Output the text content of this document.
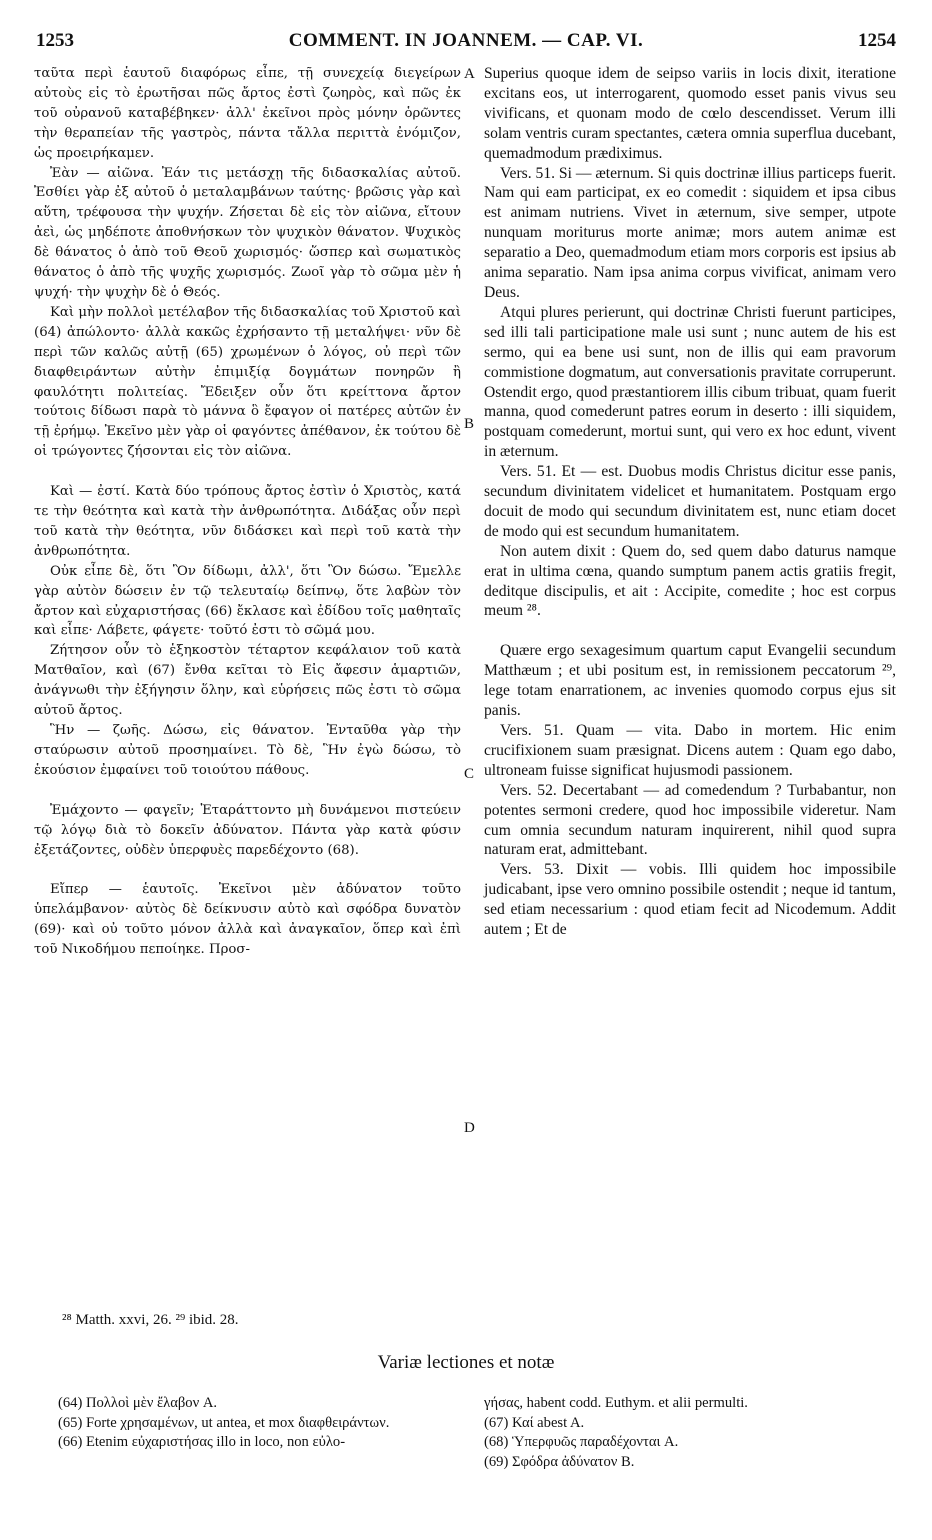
1253	COMMENT. IN JOANNEM. — CAP. VI.	1254

ταῦτα περὶ ἑαυτοῦ διαφόρως εἶπε, τῇ συνεχείᾳ διεγείρων αὐτοὺς εἰς τὸ ἐρωτῆσαι πῶς ἄρτος ἐστὶ ζωηρὸς, καὶ πῶς ἐκ τοῦ οὐρανοῦ καταβέβηκεν· ἀλλ' ἐκεῖνοι πρὸς μόνην ὁρῶντες τὴν θεραπείαν τῆς γαστρὸς, πάντα τἄλλα περιττὰ ἐνόμιζον, ὡς προειρήκαμεν.

Ἐὰν — αἰῶνα. Ἐάν τις μετάσχῃ τῆς διδασκαλίας αὐτοῦ. Ἐσθίει γὰρ ἐξ αὐτοῦ ὁ μεταλαμβάνων ταύτης· βρῶσις γὰρ καὶ αὕτη, τρέφουσα τὴν ψυχήν. Ζήσεται δὲ εἰς τὸν αἰῶνα, εἴτουν ἀεὶ, ὡς μηδέποτε ἀποθνήσκων τὸν ψυχικὸν θάνατον. Ψυχικὸς δὲ θάνατος ὁ ἀπὸ τοῦ Θεοῦ χωρισμός· ὥσπερ καὶ σωματικὸς θάνατος ὁ ἀπὸ τῆς ψυχῆς χωρισμός. Ζωοῖ γὰρ τὸ σῶμα μὲν ἡ ψυχή· τὴν ψυχὴν δὲ ὁ Θεός.

Καὶ μὴν πολλοὶ μετέλαβον τῆς διδασκαλίας τοῦ Χριστοῦ καὶ (64) ἀπώλοντο· ἀλλὰ κακῶς ἐχρήσαντο τῇ μεταλήψει· νῦν δὲ περὶ τῶν καλῶς αὐτῇ (65) χρωμένων ὁ λόγος, οὐ περὶ τῶν διαφθειράντων αὐτὴν ἐπιμιξίᾳ δογμάτων πονηρῶν ἢ φαυλότητι πολιτείας. Ἔδειξεν οὖν ὅτι κρείττονα ἄρτον τούτοις δίδωσι παρὰ τὸ μάννα ὃ ἔφαγον οἱ πατέρες αὐτῶν ἐν τῇ ἐρήμῳ. Ἐκεῖνο μὲν γὰρ οἱ φαγόντες ἀπέθανον, ἐκ τούτου δὲ οἱ τρώγοντες ζήσονται εἰς τὸν αἰῶνα.

Καὶ — ἐστί. Κατὰ δύο τρόπους ἄρτος ἐστὶν ὁ Χριστὸς, κατά τε τὴν θεότητα καὶ κατὰ τὴν ἀνθρωπότητα. Διδάξας οὖν περὶ τοῦ κατὰ τὴν θεότητα, νῦν διδάσκει καὶ περὶ τοῦ κατὰ τὴν ἀνθρωπότητα.

Οὐκ εἶπε δὲ, ὅτι Ὃν δίδωμι, ἀλλ', ὅτι Ὃν δώσω. Ἔμελλε γὰρ αὐτὸν δώσειν ἐν τῷ τελευταίῳ δείπνῳ, ὅτε λαβὼν τὸν ἄρτον καὶ εὐχαριστήσας (66) ἔκλασε καὶ ἐδίδου τοῖς μαθηταῖς καὶ εἶπε· Λάβετε, φάγετε· τοῦτό ἐστι τὸ σῶμά μου.

Ζήτησον οὖν τὸ ἑξηκοστὸν τέταρτον κεφάλαιον τοῦ κατὰ Ματθαῖον, καὶ (67) ἔνθα κεῖται τὸ Εἰς ἄφεσιν ἁμαρτιῶν, ἀνάγνωθι τὴν ἐξήγησιν ὅλην, καὶ εὑρήσεις πῶς ἐστι τὸ σῶμα αὐτοῦ ἄρτος.

Ἣν — ζωῆς. Δώσω, εἰς θάνατον. Ἐνταῦθα γὰρ τὴν σταύρωσιν αὐτοῦ προσημαίνει. Τὸ δὲ, Ἣν ἐγὼ δώσω, τὸ ἑκούσιον ἐμφαίνει τοῦ τοιούτου πάθους.

Ἐμάχοντο — φαγεῖν; Ἐταράττοντο μὴ δυνάμενοι πιστεύειν τῷ λόγῳ διὰ τὸ δοκεῖν ἀδύνατον. Πάντα γὰρ κατὰ φύσιν ἐξετάζοντες, οὐδὲν ὑπερφυὲς παρεδέχοντο (68).

Εἴπερ — ἑαυτοῖς. Ἐκεῖνοι μὲν ἀδύνατον τοῦτο ὑπελάμβανον· αὐτὸς δὲ δείκνυσιν αὐτὸ καὶ σφόδρα δυνατὸν (69)· καὶ οὐ τοῦτο μόνον ἀλλὰ καὶ ἀναγκαῖον, ὅπερ καὶ ἐπὶ τοῦ Νικοδήμου πεποίηκε. Προσ-

A
B
C
D

Superius quoque idem de seipso variis in locis dixit, iteratione excitans eos, ut interrogarent, quomodo esset panis vivus seu vivificans, et quonam modo de cœlo descendisset. Verum illi solam ventris curam spectantes, cætera omnia superflua ducebant, quemadmodum prædiximus.

Vers. 51. Si — æternum. Si quis doctrinæ illius particeps fuerit. Nam qui eam participat, ex eo comedit : siquidem et ipsa cibus est animam nutriens. Vivet in æternum, sive semper, utpote nunquam moriturus morte animæ; mors autem animæ est separatio a Deo, quemadmodum etiam mors corporis est ipsius ab anima separatio. Nam ipsa anima corpus vivificat, animam vero Deus.

Atqui plures perierunt, qui doctrinæ Christi fuerunt participes, sed illi tali participatione male usi sunt ; nunc autem de his est sermo, qui ea bene usi sunt, non de illis qui eam pravorum commistione dogmatum, aut conversationis pravitate corruperunt. Ostendit ergo, quod præstantiorem illis cibum tribuat, quam fuerit manna, quod comederunt patres eorum in deserto : illi siquidem, postquam comederunt, mortui sunt, qui vero ex hoc edunt, vivent in æternum.

Vers. 51. Et — est. Duobus modis Christus dicitur esse panis, secundum divinitatem videlicet et humanitatem. Postquam ergo docuit de modo qui secundum divinitatem est, nunc etiam docet de modo qui est secundum humanitatem.

Non autem dixit : Quem do, sed quem dabo daturus namque erat in ultima cœna, quando sumptum panem actis gratiis fregit, deditque discipulis, et ait : Accipite, comedite ; hoc est corpus meum ²⁸.

Quære ergo sexagesimum quartum caput Evangelii secundum Matthæum ; et ubi positum est, in remissionem peccatorum ²⁹, lege totam enarrationem, ac invenies quomodo corpus ejus sit panis.

Vers. 51. Quam — vita. Dabo in mortem. Hic enim crucifixionem suam præsignat. Dicens autem : Quam ego dabo, ultroneam fuisse significat hujusmodi passionem.

Vers. 52. Decertabant — ad comedendum ? Turbabantur, non potentes sermoni credere, quod hoc impossibile videretur. Nam cum omnia secundum naturam inquirerent, nihil quod supra naturam erat, admittebant.

Vers. 53. Dixit — vobis. Illi quidem hoc impossibile judicabant, ipse vero omnino possibile ostendit ; neque id tantum, sed etiam necessarium : quod etiam fecit ad Nicodemum. Addit autem ; Et de

²⁸ Matth. xxvi, 26. ²⁹ ibid. 28.
Variæ lectiones et notæ

(64) Πολλοὶ μὲν ἔλαβον A.

(65) Forte χρησαμένων, ut antea, et mox διαφθειράντων.

(66) Etenim εὐχαριστήσας illo in loco, non εὐλο-

γήσας, habent codd. Euthym. et alii permulti.

(67) Καί abest A.

(68) Ὑπερφυῶς παραδέχονται A.

(69) Σφόδρα ἀδύνατον B.
